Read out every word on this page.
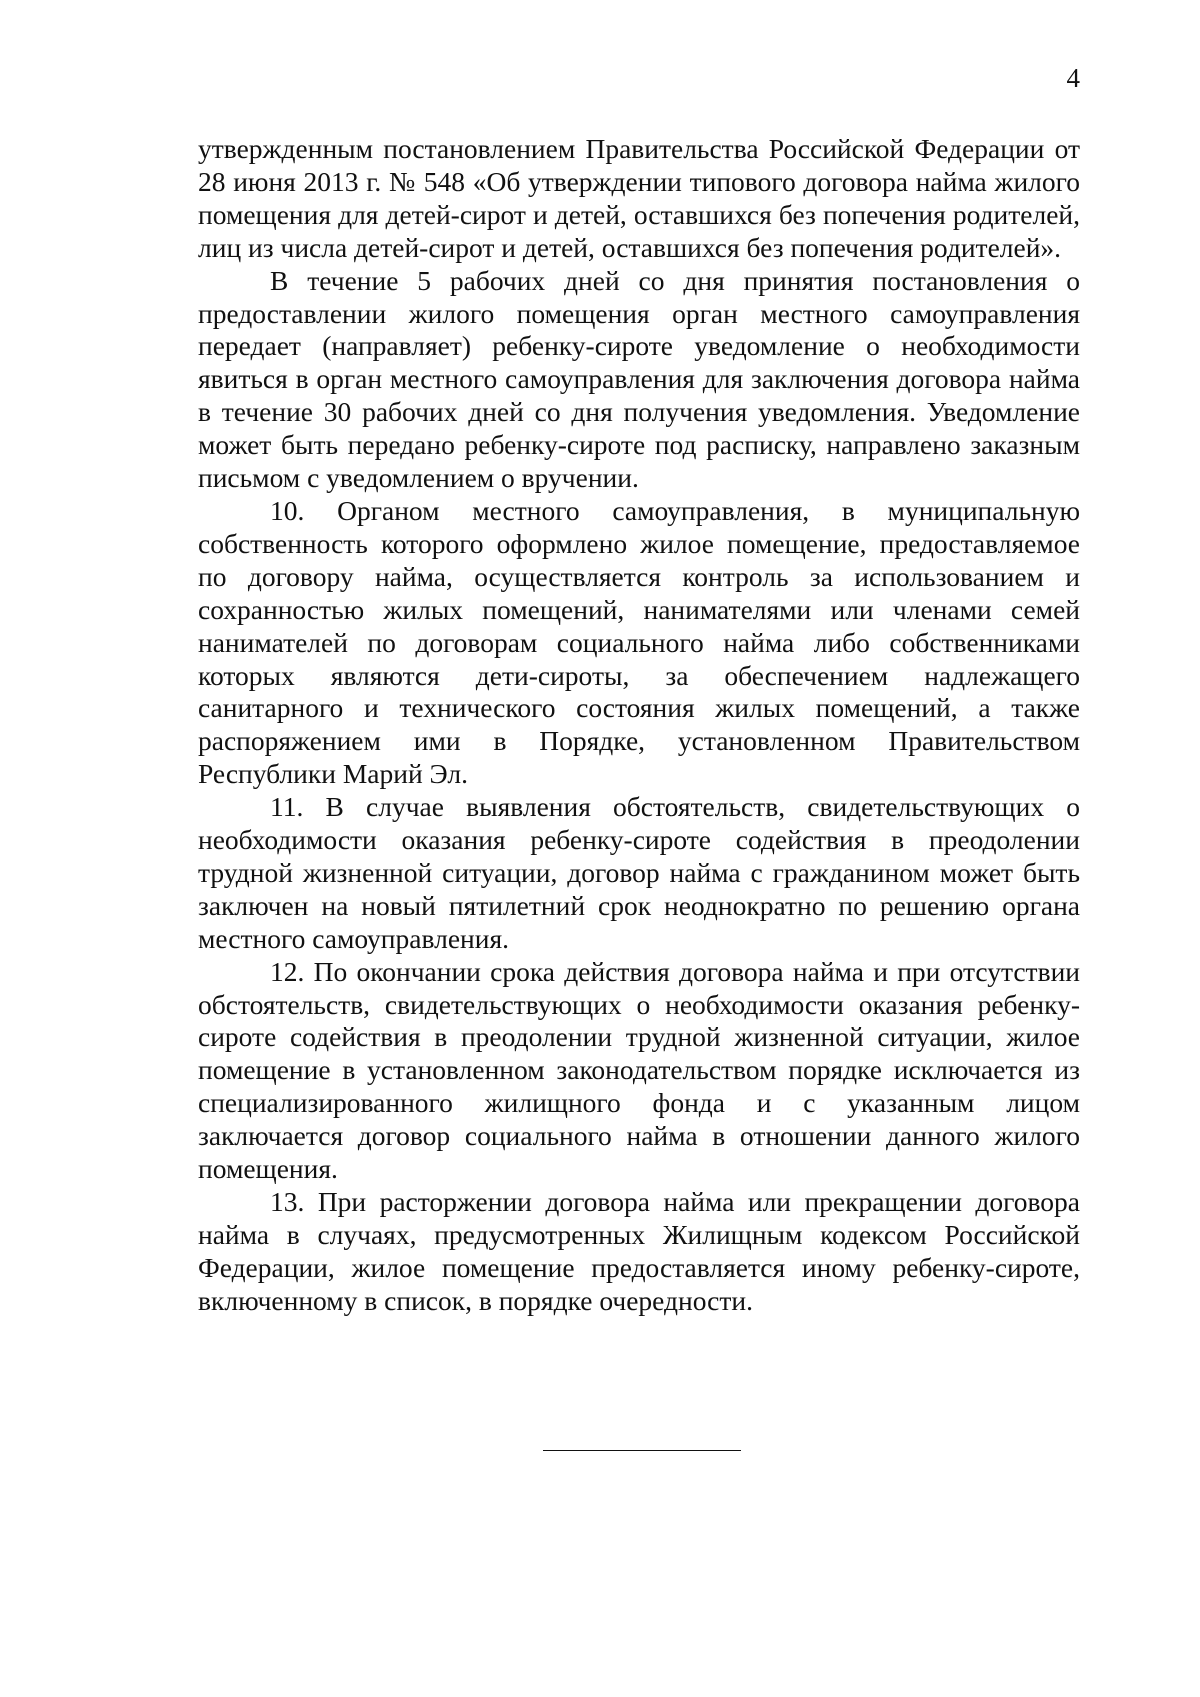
4

утвержденным постановлением Правительства Российской Федерации от 28 июня 2013 г. № 548 «Об утверждении типового договора найма жилого помещения для детей-сирот и детей, оставшихся без попечения родителей, лиц из числа детей-сирот и детей, оставшихся без попечения родителей».

В течение 5 рабочих дней со дня принятия постановления о предоставлении жилого помещения орган местного самоуправления передает (направляет) ребенку-сироте уведомление о необходимости явиться в орган местного самоуправления для заключения договора найма в течение 30 рабочих дней со дня получения уведомления. Уведомление может быть передано ребенку-сироте под расписку, направлено заказным письмом с уведомлением о вручении.

10. Органом местного самоуправления, в муниципальную собственность которого оформлено жилое помещение, предоставляемое по договору найма, осуществляется контроль за использованием и сохранностью жилых помещений, нанимателями или членами семей нанимателей по договорам социального найма либо собственниками которых являются дети-сироты, за обеспечением надлежащего санитарного и технического состояния жилых помещений, а также распоряжением ими в Порядке, установленном Правительством Республики Марий Эл.

11. В случае выявления обстоятельств, свидетельствующих о необходимости оказания ребенку-сироте содействия в преодолении трудной жизненной ситуации, договор найма с гражданином может быть заключен на новый пятилетний срок неоднократно по решению органа местного самоуправления.

12. По окончании срока действия договора найма и при отсутствии обстоятельств, свидетельствующих о необходимости оказания ребенку-сироте содействия в преодолении трудной жизненной ситуации, жилое помещение в установленном законодательством порядке исключается из специализированного жилищного фонда и с указанным лицом заключается договор социального найма в отношении данного жилого помещения.

13. При расторжении договора найма или прекращении договора найма в случаях, предусмотренных Жилищным кодексом Российской Федерации, жилое помещение предоставляется иному ребенку-сироте, включенному в список, в порядке очередности.
